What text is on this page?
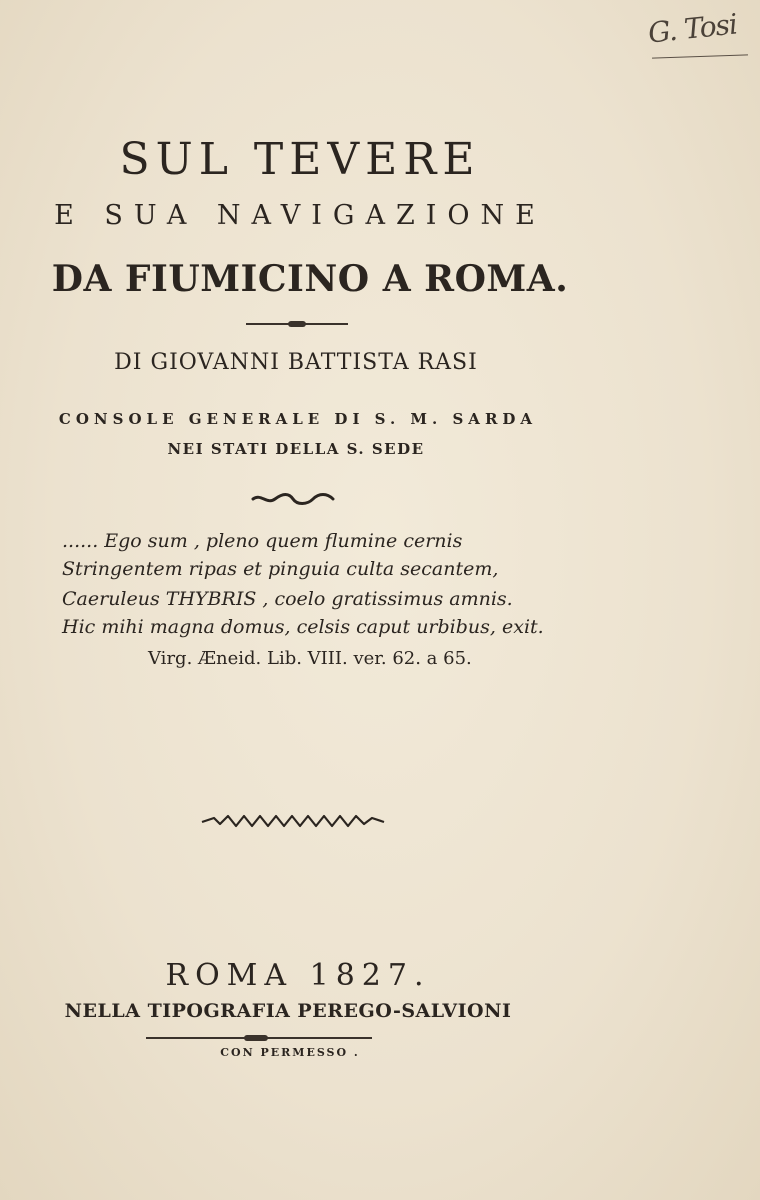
G. Tosi
SUL TEVERE
E SUA NAVIGAZIONE
DA FIUMICINO A ROMA.
DI GIOVANNI BATTISTA RASI
CONSOLE GENERALE DI S. M. SARDA
NEI STATI DELLA S. SEDE
...... Ego sum , pleno quem flumine cernis
Stringentem ripas et pinguia culta secantem,
Caeruleus THYBRIS , coelo gratissimus amnis.
Hic mihi magna domus, celsis caput urbibus, exit.
Virg. Æneid. Lib. VIII. ver. 62. a 65.
ROMA 1827.
NELLA TIPOGRAFIA PEREGO-SALVIONI
CON PERMESSO .
